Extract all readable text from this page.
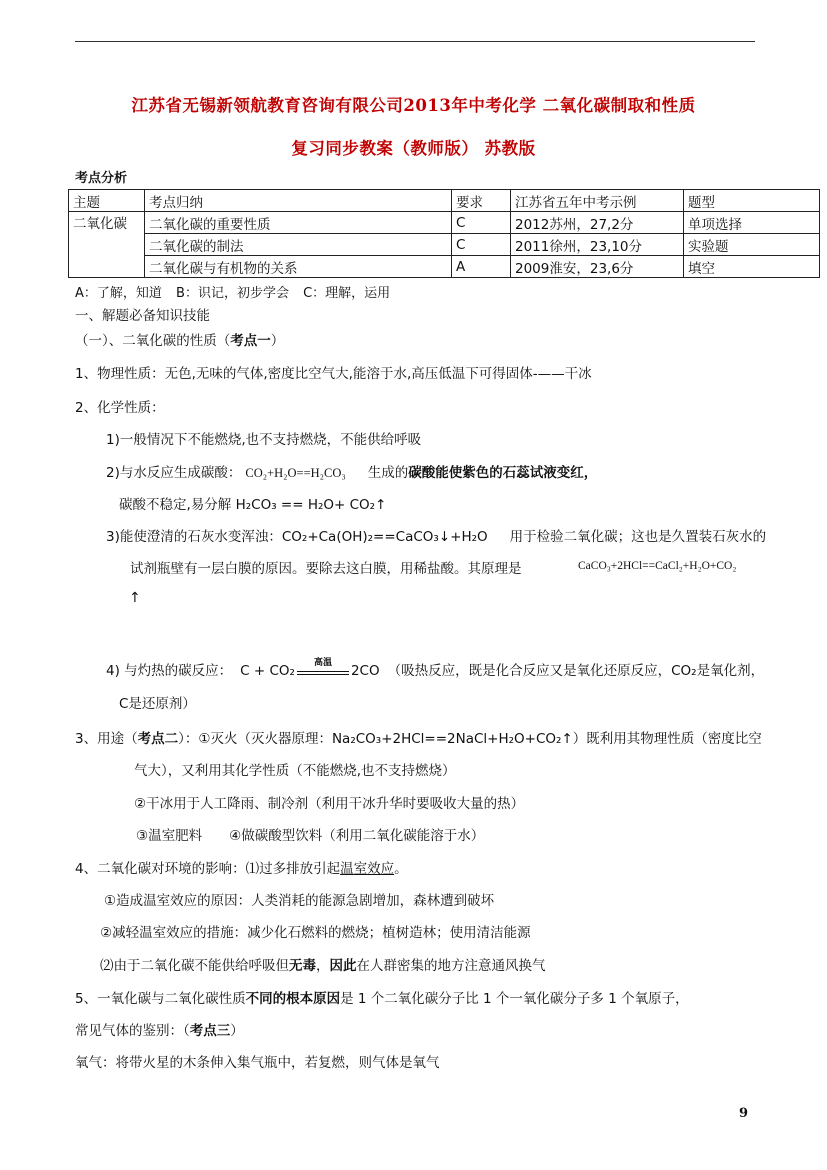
江苏省无锡新领航教育咨询有限公司2013年中考化学 二氧化碳制取和性质
复习同步教案（教师版） 苏教版
考点分析
主题	考点归纳	要求	江苏省五年中考示例	题型
二氧化碳	二氧化碳的重要性质	C	2012苏州，27,2分	单项选择
	二氧化碳的制法	C	2011徐州，23,10分	实验题
	二氧化碳与有机物的关系	A	2009淮安，23,6分	填空
A：了解，知道 B：识记，初步学会 C：理解，运用
一、解题必备知识技能
（一）、二氧化碳的性质（考点一）
1、物理性质：无色,无味的气体,密度比空气大,能溶于水,高压低温下可得固体-——干冰
2、化学性质：
1)一般情况下不能燃烧,也不支持燃烧，不能供给呼吸
2)与水反应生成碳酸： CO₂+H₂O==H₂CO₃ 生成的碳酸能使紫色的石蕊试液变红，
碳酸不稳定,易分解 H₂CO₃ == H₂O+ CO₂↑
3)能使澄清的石灰水变浑浊：CO₂+Ca(OH)₂==CaCO₃↓+H₂O 用于检验二氧化碳；这也是久置装石灰水的
试剂瓶壁有一层白膜的原因。要除去这白膜，用稀盐酸。其原理是	CaCO₃+2HCl==CaCl₂+H₂O+CO₂
↑
4) 与灼热的碳反应： C + CO₂	高温	2CO （吸热反应，既是化合反应又是氧化还原反应，CO₂是氧化剂，
C是还原剂）
3、用途（考点二）：①灭火（灭火器原理：Na₂CO₃+2HCl==2NaCl+H₂O+CO₂↑）既利用其物理性质（密度比空
气大），又利用其化学性质（不能燃烧,也不支持燃烧）
②干冰用于人工降雨、制冷剂（利用干冰升华时要吸收大量的热）
③温室肥料　　④做碳酸型饮料（利用二氧化碳能溶于水）
4、二氧化碳对环境的影响：⑴过多排放引起温室效应。
①造成温室效应的原因：人类消耗的能源急剧增加，森林遭到破坏
②减轻温室效应的措施：减少化石燃料的燃烧；植树造林；使用清洁能源
⑵由于二氧化碳不能供给呼吸但无毒，因此在人群密集的地方注意通风换气
5、一氧化碳与二氧化碳性质不同的根本原因是 1 个二氧化碳分子比 1 个一氧化碳分子多 1 个氧原子，
常见气体的鉴别：（考点三）
氧气：将带火星的木条伸入集气瓶中，若复燃，则气体是氧气
9
